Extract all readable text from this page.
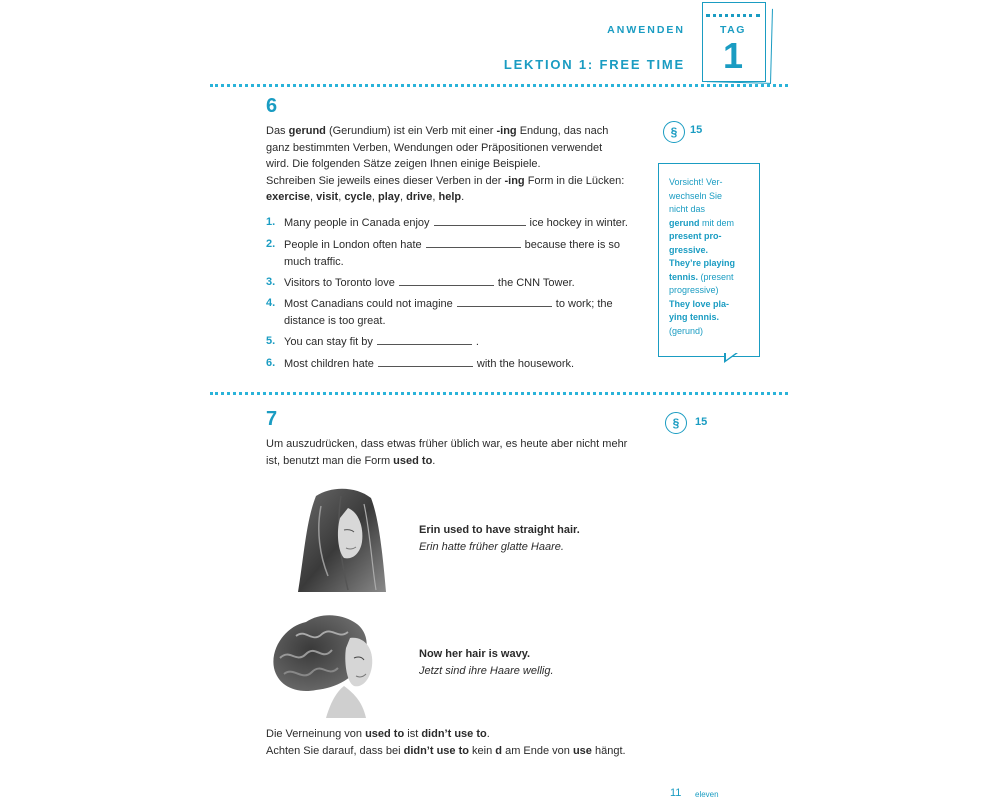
ANWENDEN
LEKTION 1: FREE TIME
TAG
1
6
Das gerund (Gerundium) ist ein Verb mit einer -ing Endung, das nach
ganz bestimmten Verben, Wendungen oder Präpositionen verwendet
wird. Die folgenden Sätze zeigen Ihnen einige Beispiele.
Schreiben Sie jeweils eines dieser Verben in der -ing Form in die Lücken:
exercise, visit, cycle, play, drive, help.
1. Many people in Canada enjoy	ice hockey in winter.
2. People in London often hate	because there is so
much traffic.
3. Visitors to Toronto love	the CNN Tower.
4. Most Canadians could not imagine	to work; the
distance is too great.
5. You can stay fit by	.
6. Most children hate	with the housework.
§	15
Vorsicht! Ver-
wechseln Sie
nicht das
gerund mit dem
present pro-
gressive.
They’re playing
tennis. (present
progressive)
They love pla-
ying tennis.
(gerund)
7
Um auszudrücken, dass etwas früher üblich war, es heute aber nicht mehr
ist, benutzt man die Form used to.
§	15
Erin used to have straight hair.
Erin hatte früher glatte Haare.
Now her hair is wavy.
Jetzt sind ihre Haare wellig.
Die Verneinung von used to ist didn’t use to.
Achten Sie darauf, dass bei didn’t use to kein d am Ende von use hängt.
11 eleven
